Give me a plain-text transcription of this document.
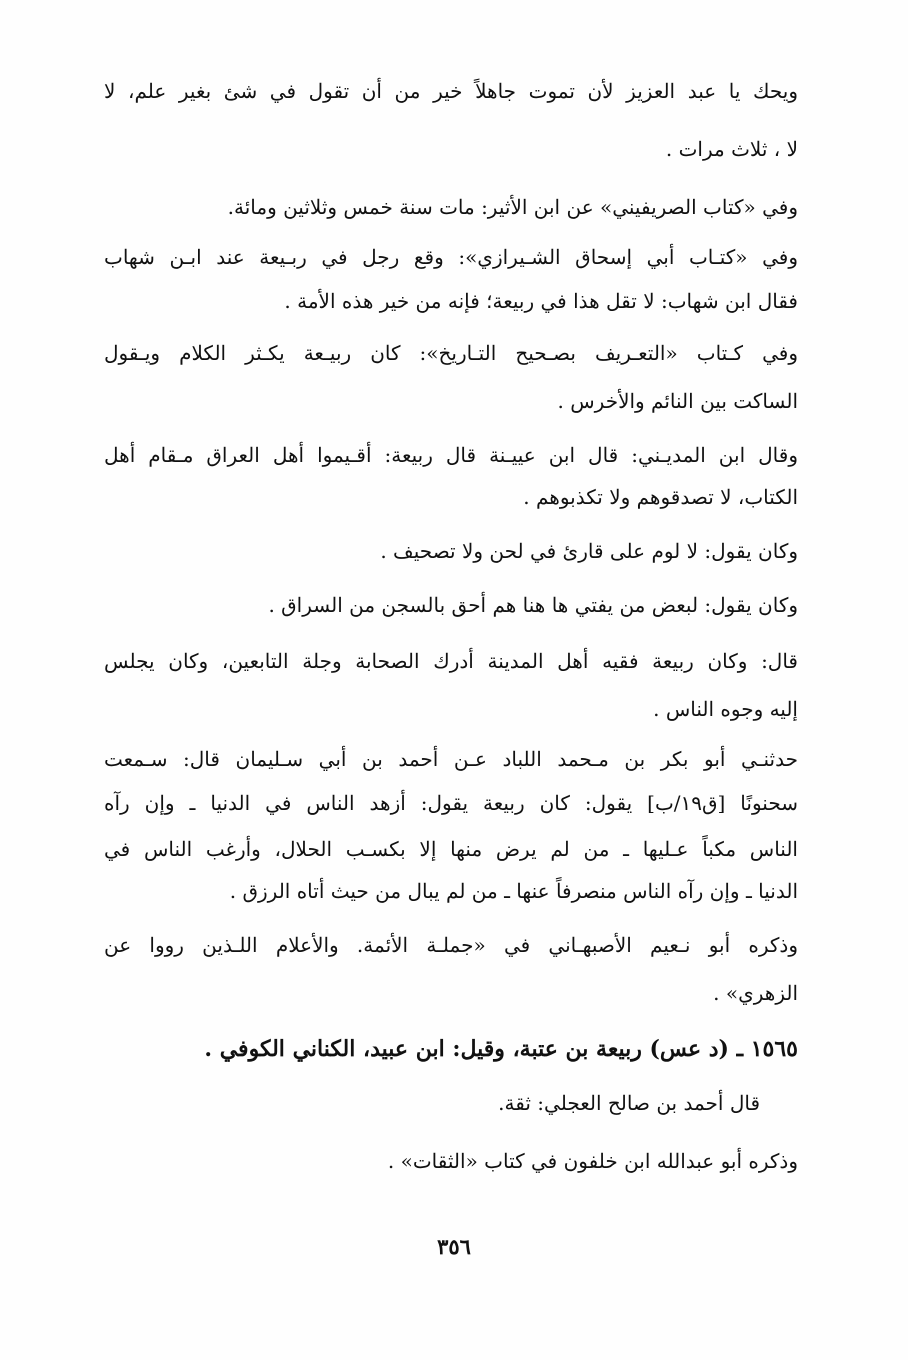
ويحك يا عبد العزيز لأن تموت جاهلاً خير من أن تقول في شئ بغير علم، لا
لا ، ثلاث مرات .
وفي «كتاب الصريفيني» عن ابن الأثير: مات سنة خمس وثلاثين ومائة.
وفي «كتـاب أبي إسحاق الشـيرازي»: وقع رجل في ربـيعة عند ابـن شهاب
فقال ابن شهاب: لا تقل هذا في ربيعة؛ فإنه من خير هذه الأمة .
وفي كـتاب «التعـريف بصـحيح التـاريخ»: كان ربيـعة يكـثر الكلام ويـقول
الساكت بين النائم والأخرس .
وقال ابن المديـني: قال ابن عييـنة قال ربيعة: أقـيموا أهل العراق مـقام أهل
الكتاب، لا تصدقوهم ولا تكذبوهم .
وكان يقول: لا لوم على قارئ في لحن ولا تصحيف .
وكان يقول: لبعض من يفتي ها هنا هم أحق بالسجن من السراق .
قال: وكان ربيعة فقيه أهل المدينة أدرك الصحابة وجلة التابعين، وكان يجلس
إليه وجوه الناس .
حدثنـي أبو بكر بن مـحمد اللباد عـن أحمد بن أبي سـليمان قال: سـمعت
سحنونًا [ق١٩/ب] يقول: كان ربيعة يقول: أزهد الناس في الدنيا ـ وإن رآه
الناس مكباً عـليها ـ من لم يرض منها إلا بكسـب الحلال، وأرغب الناس في
الدنيا ـ وإن رآه الناس منصرفاً عنها ـ من لم يبال من حيث أتاه الرزق .
وذكره أبو نـعيم الأصبهـاني في «جملـة الأئمة. والأعلام اللـذين رووا عن
الزهري» .
١٥٦٥ ـ (د عس) ربيعة بن عتبة، وقيل: ابن عبيد، الكناني الكوفي .
قال أحمد بن صالح العجلي: ثقة.
وذكره أبو عبدالله ابن خلفون في كتاب «الثقات» .
٣٥٦
